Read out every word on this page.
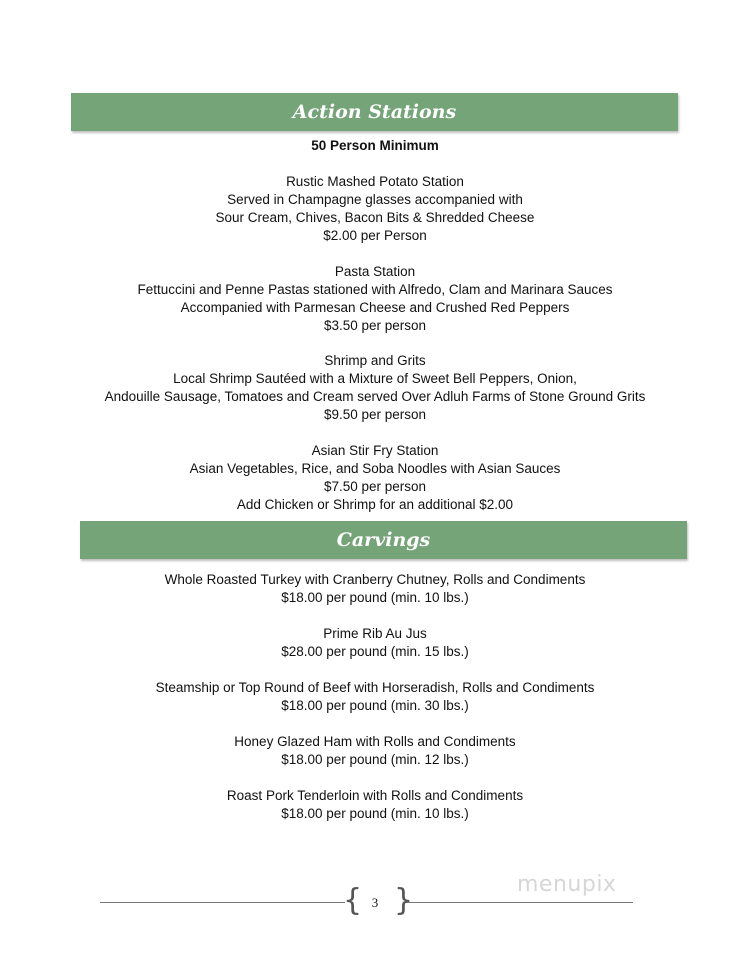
Action Stations
50 Person Minimum
Rustic Mashed Potato Station
Served in Champagne glasses accompanied with
Sour Cream, Chives, Bacon Bits & Shredded Cheese
$2.00 per Person
Pasta Station
Fettuccini and Penne Pastas stationed with Alfredo, Clam and Marinara Sauces
Accompanied with Parmesan Cheese and Crushed Red Peppers
$3.50 per person
Shrimp and Grits
Local Shrimp Sautéed with a Mixture of Sweet Bell Peppers, Onion,
Andouille Sausage, Tomatoes and Cream served Over Adluh Farms of Stone Ground Grits
$9.50 per person
Asian Stir Fry Station
Asian Vegetables, Rice, and Soba Noodles with Asian Sauces
$7.50 per person
Add Chicken or Shrimp for an additional $2.00
Carvings
Whole Roasted Turkey with Cranberry Chutney, Rolls and Condiments
$18.00 per pound (min. 10 lbs.)
Prime Rib Au Jus
$28.00 per pound (min. 15 lbs.)
Steamship or Top Round of Beef with Horseradish, Rolls and Condiments
$18.00 per pound (min. 30 lbs.)
Honey Glazed Ham with Rolls and Condiments
$18.00 per pound (min. 12 lbs.)
Roast Pork Tenderloin with Rolls and Condiments
$18.00 per pound (min. 10 lbs.)
{ }
3
menupix
